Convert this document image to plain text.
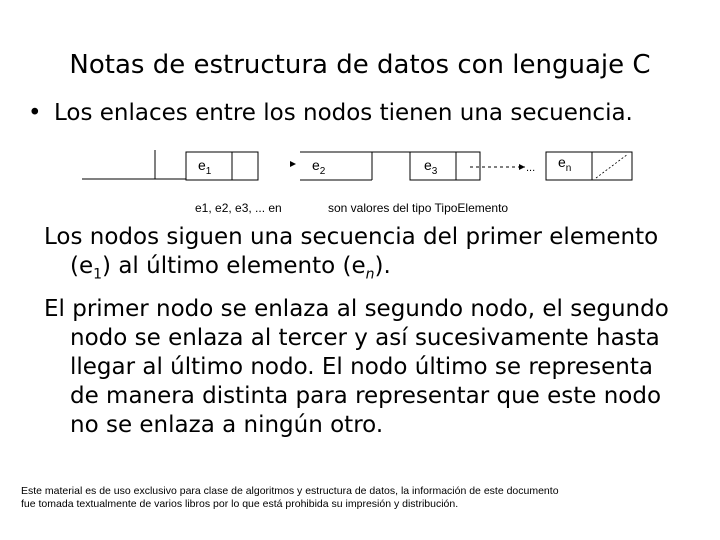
Notas de estructura de datos con lenguaje C
• Los enlaces entre los nodos tienen una secuencia.
$e_1$	$e_2$	$e_3$	... $e_n$
e1, e2, e3, ... en	son valores del tipo TipoElemento
Los nodos siguen una secuencia del primer elemento
$(e_1)$ al último elemento $(e_n)$.
El primer nodo se enlaza al segundo nodo, el segundo
nodo se enlaza al tercer y así sucesivamente hasta
llegar al último nodo. El nodo último se representa
de manera distinta para representar que este nodo
no se enlaza a ningún otro.
Este material es de uso exclusivo para clase de algoritmos y estructura de datos, la información de este documento
fue tomada textualmente de varios libros por lo que está prohibida su impresión y distribución.
